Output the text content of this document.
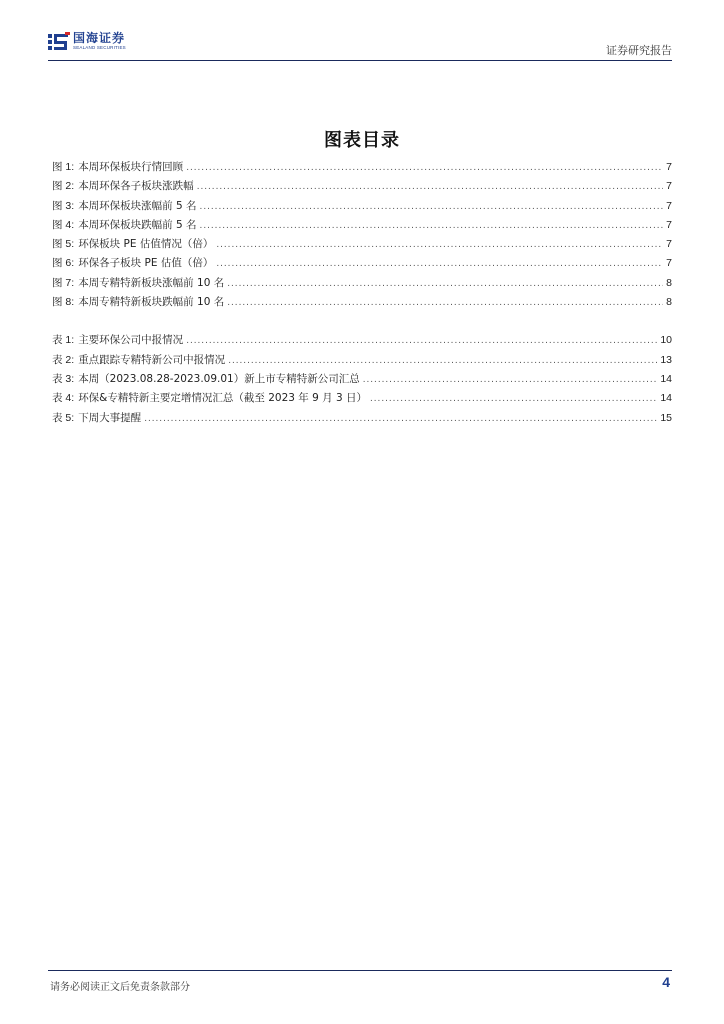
国海证券
SEALAND SECURITIES	证券研究报告
图表目录
图 1: 本周环保板块行情回顾 .....	7
图 2: 本周环保各子板块涨跌幅 .....	7
图 3: 本周环保板块涨幅前 5 名 .....	7
图 4: 本周环保板块跌幅前 5 名 .....	7
图 5: 环保板块 PE 估值情况（倍） .....	7
图 6: 环保各子板块 PE 估值（倍） .....	7
图 7: 本周专精特新板块涨幅前 10 名 .....	8
图 8: 本周专精特新板块跌幅前 10 名 .....	8
表 1: 主要环保公司中报情况 .....	10
表 2: 重点跟踪专精特新公司中报情况 .....	13
表 3: 本周（2023.08.28-2023.09.01）新上市专精特新公司汇总 .....	14
表 4: 环保&专精特新主要定增情况汇总（截至 2023 年 9 月 3 日） .....	14
表 5: 下周大事提醒 .....	15
请务必阅读正文后免责条款部分	4
